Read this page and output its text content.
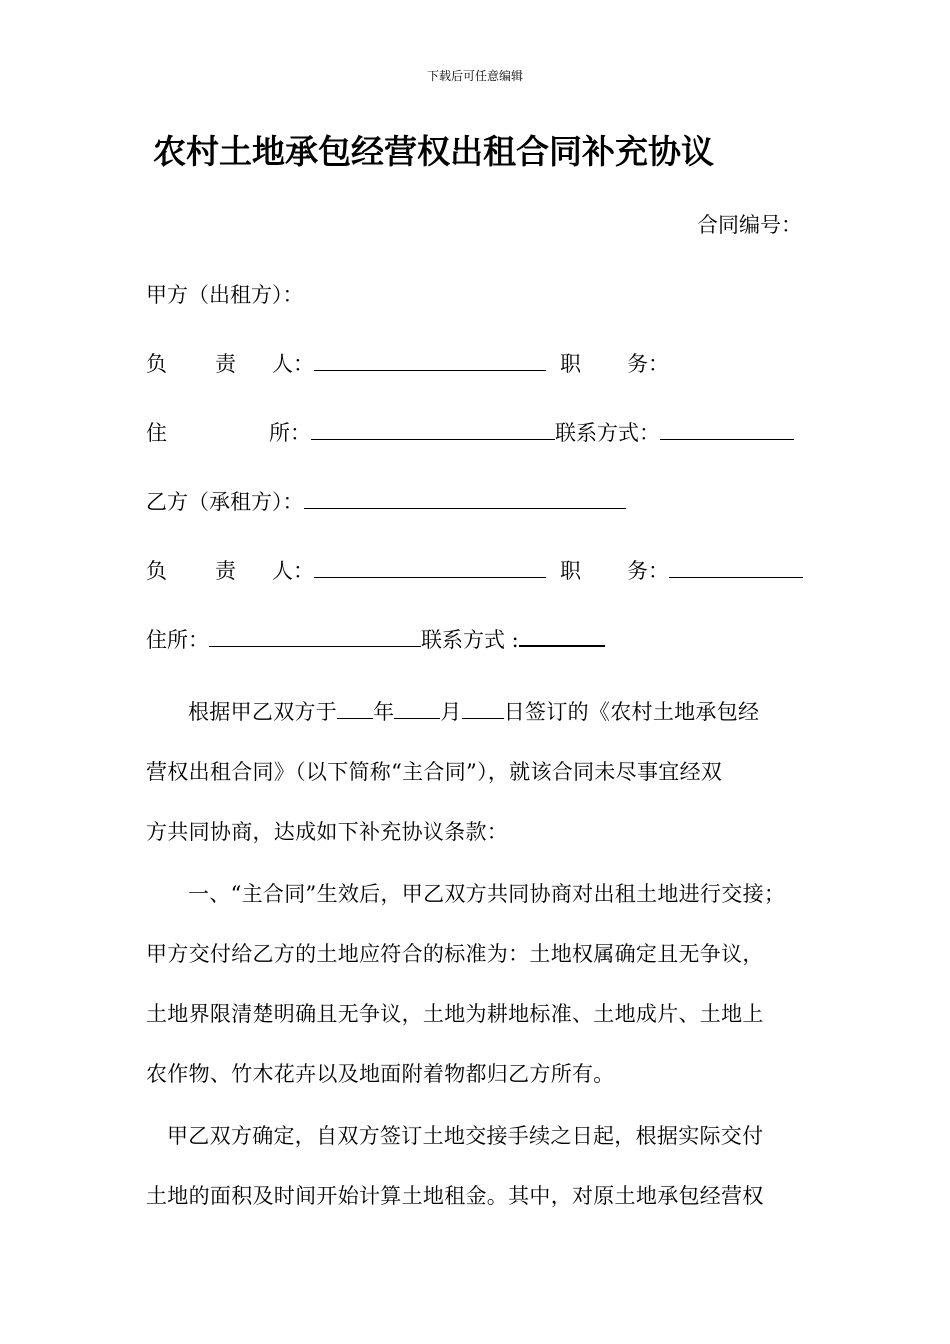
下载后可任意编辑
农村土地承包经营权出租合同补充协议
合同编号：
甲方（出租方）：
负 责 人：	职 务：
住	所：	联系方式：
乙方（承租方）：
负 责 人：	职 务：
住所：	联系方式 :
根据甲乙双方于 年 月 日签订的《农村土地承包经
营权出租合同》（以下简称“主合同”），就该合同未尽事宜经双
方共同协商，达成如下补充协议条款：
一、“主合同”生效后，甲乙双方共同协商对出租土地进行交接；
甲方交付给乙方的土地应符合的标准为：土地权属确定且无争议，
土地界限清楚明确且无争议，土地为耕地标准、土地成片、土地上
农作物、竹木花卉以及地面附着物都归乙方所有。
甲乙双方确定，自双方签订土地交接手续之日起，根据实际交付
土地的面积及时间开始计算土地租金。其中，对原土地承包经营权
